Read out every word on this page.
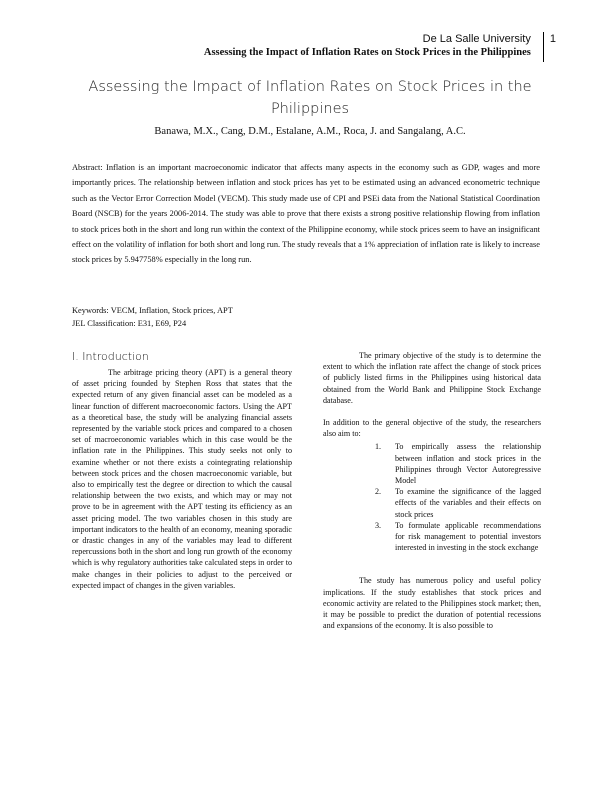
De La Salle University
Assessing the Impact of Inflation Rates on Stock Prices in the Philippines
1
Assessing the Impact of Inflation Rates on Stock Prices in the Philippines
Banawa, M.X., Cang, D.M., Estalane, A.M., Roca, J. and Sangalang, A.C.
Abstract: Inflation is an important macroeconomic indicator that affects many aspects in the economy such as GDP, wages and more importantly prices. The relationship between inflation and stock prices has yet to be estimated using an advanced econometric technique such as the Vector Error Correction Model (VECM). This study made use of CPI and PSEi data from the National Statistical Coordination Board (NSCB) for the years 2006-2014. The study was able to prove that there exists a strong positive relationship flowing from inflation to stock prices both in the short and long run within the context of the Philippine economy, while stock prices seem to have an insignificant effect on the volatility of inflation for both short and long run. The study reveals that a 1% appreciation of inflation rate is likely to increase stock prices by 5.947758% especially in the long run.
Keywords: VECM, Inflation, Stock prices, APT
JEL Classification: E31, E69, P24
I. Introduction

The arbitrage pricing theory (APT) is a general theory of asset pricing founded by Stephen Ross that states that the expected return of any given financial asset can be modeled as a linear function of different macroeconomic factors. Using the APT as a theoretical base, the study will be analyzing financial assets represented by the variable stock prices and compared to a chosen set of macroeconomic variables which in this case would be the inflation rate in the Philippines. This study seeks not only to examine whether or not there exists a cointegrating relationship between stock prices and the chosen macroeconomic variable, but also to empirically test the degree or direction to which the causal relationship between the two exists, and which may or may not prove to be in agreement with the APT testing its efficiency as an asset pricing model. The two variables chosen in this study are important indicators to the health of an economy, meaning sporadic or drastic changes in any of the variables may lead to different repercussions both in the short and long run growth of the economy which is why regulatory authorities take calculated steps in order to make changes in their policies to adjust to the perceived or expected impact of changes in the given variables.

The primary objective of the study is to determine the extent to which the inflation rate affect the change of stock prices of publicly listed firms in the Philippines using historical data obtained from the World Bank and Philippine Stock Exchange database.

In addition to the general objective of the study, the researchers also aim to:

1.	To empirically assess the relationship between inflation and stock prices in the Philippines through Vector Autoregressive Model
2.	To examine the significance of the lagged effects of the variables and their effects on stock prices
3.	To formulate applicable recommendations for risk management to potential investors interested in investing in the stock exchange

The study has numerous policy and useful policy implications. If the study establishes that stock prices and economic activity are related to the Philippines stock market; then, it may be possible to predict the duration of potential recessions and expansions of the economy. It is also possible to
